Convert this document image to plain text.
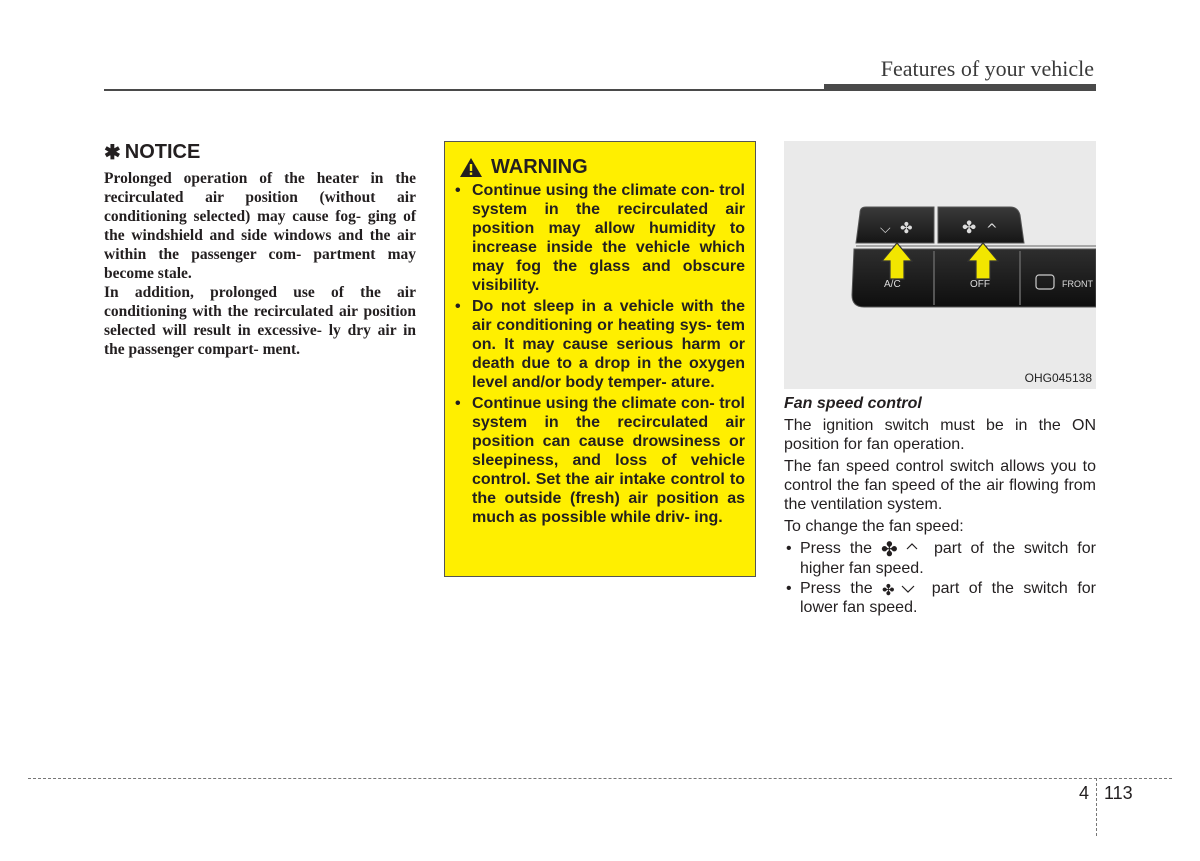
Features of your vehicle
✱ NOTICE

Prolonged operation of the heater in the recirculated air position (without air conditioning selected) may cause fog- ging of the windshield and side windows and the air within the passenger com- partment may become stale.

In addition, prolonged use of the air conditioning with the recirculated air position selected will result in excessive- ly dry air in the passenger compart- ment.

WARNING
• Continue using the climate con- trol system in the recirculated air position may allow humidity to increase inside the vehicle which may fog the glass and obscure visibility.
• Do not sleep in a vehicle with the air conditioning or heating sys- tem on. It may cause serious harm or death due to a drop in the oxygen level and/or body temper- ature.
• Continue using the climate con- trol system in the recirculated air position can cause drowsiness or sleepiness, and loss of vehicle control. Set the air intake control to the outside (fresh) air position as much as possible while driv- ing.
⌵ ✤	✤ ^
A/C	OFF	FRONT
OHG045138

Fan speed control

The ignition switch must be in the ON position for fan operation.

The fan speed control switch allows you to control the fan speed of the air flowing from the ventilation system.

To change the fan speed:

• Press the ✤ part of the switch for higher fan speed.
• Press the ✤ part of the switch for lower fan speed.
4 113
